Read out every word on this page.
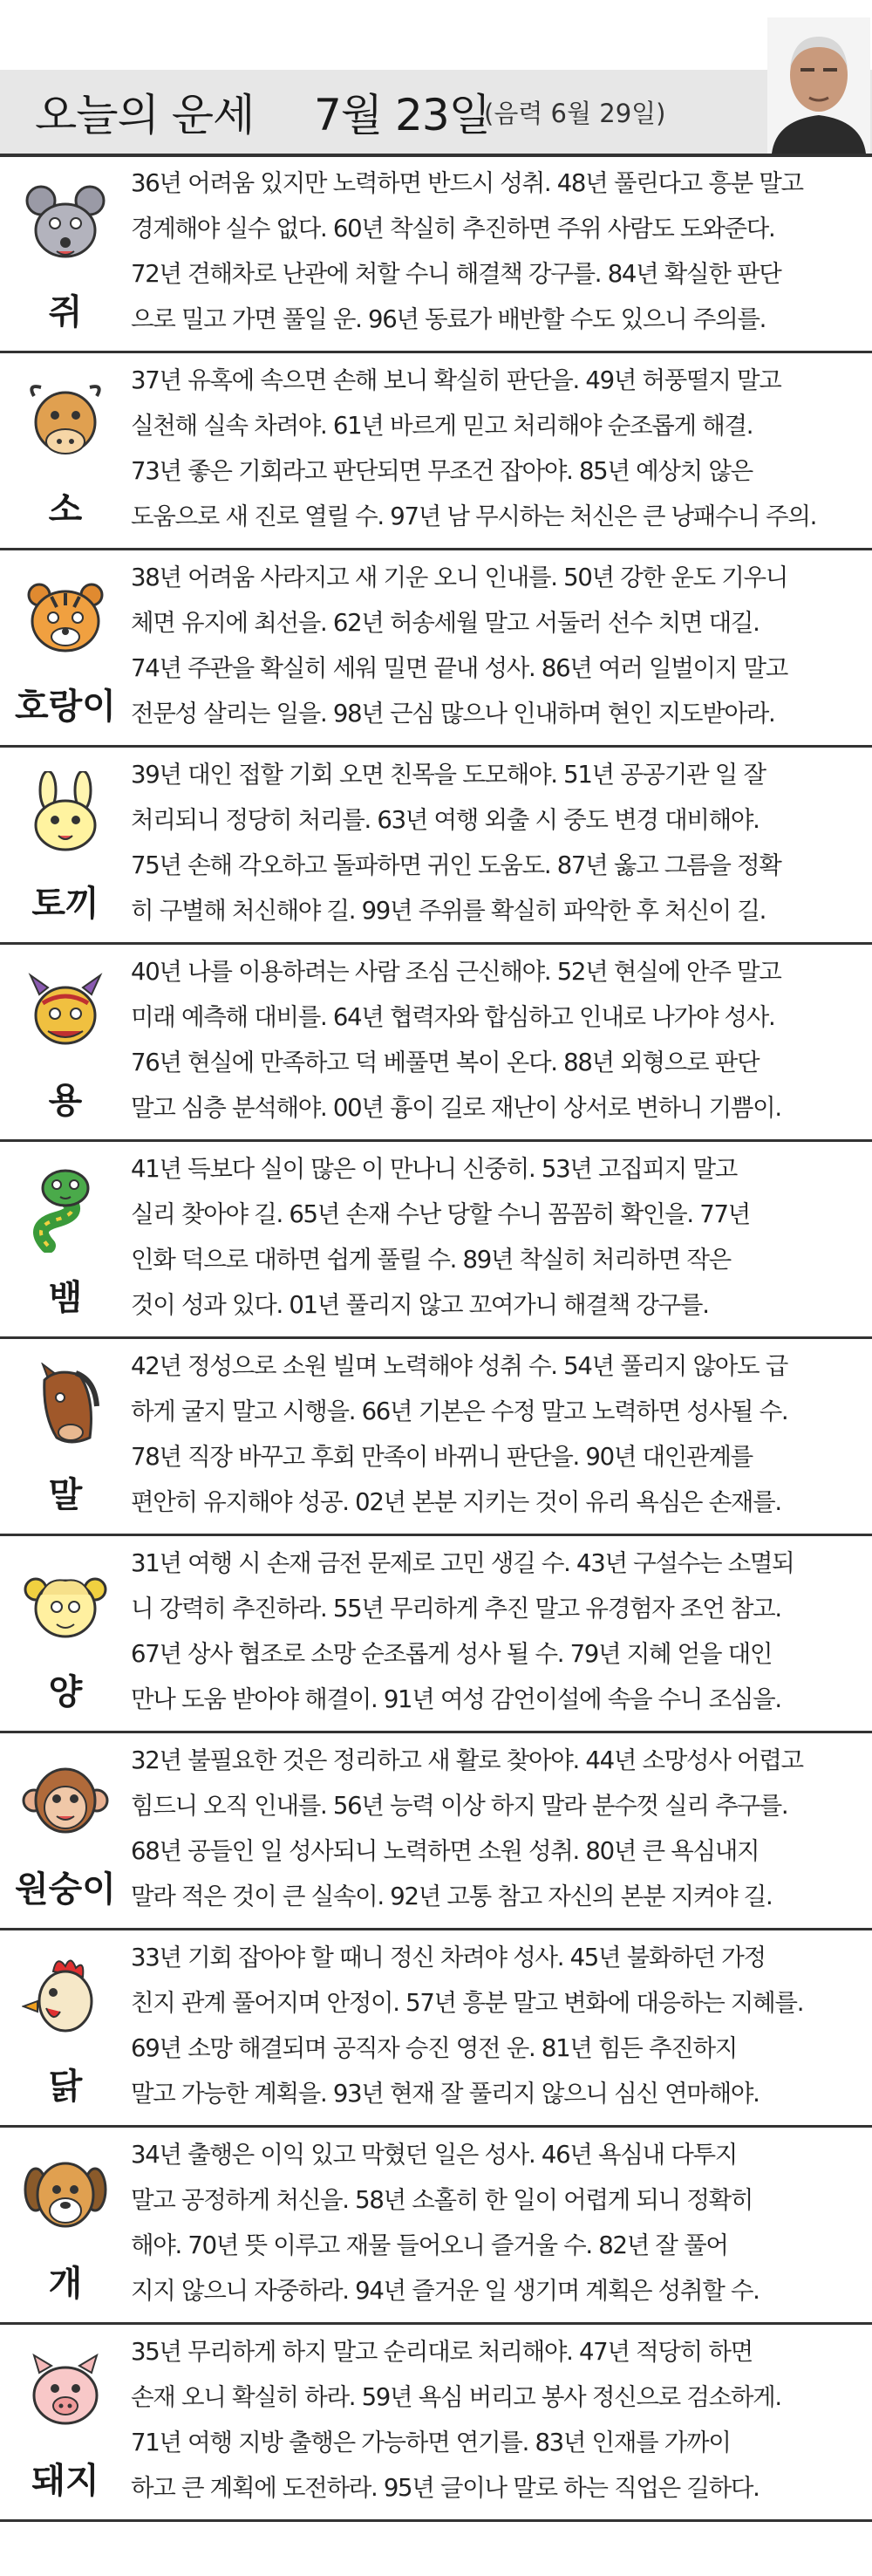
오늘의 운세 7월 23일
(음력 6월 29일)
쥐
36년 어려움 있지만 노력하면 반드시 성취. 48년 풀린다고 흥분 말고
경계해야 실수 없다. 60년 착실히 추진하면 주위 사람도 도와준다.
72년 견해차로 난관에 처할 수니 해결책 강구를. 84년 확실한 판단
으로 밀고 가면 풀일 운. 96년 동료가 배반할 수도 있으니 주의를.
소
37년 유혹에 속으면 손해 보니 확실히 판단을. 49년 허풍떨지 말고
실천해 실속 차려야. 61년 바르게 믿고 처리해야 순조롭게 해결.
73년 좋은 기회라고 판단되면 무조건 잡아야. 85년 예상치 않은
도움으로 새 진로 열릴 수. 97년 남 무시하는 처신은 큰 낭패수니 주의.
호랑이
38년 어려움 사라지고 새 기운 오니 인내를. 50년 강한 운도 기우니
체면 유지에 최선을. 62년 허송세월 말고 서둘러 선수 치면 대길.
74년 주관을 확실히 세워 밀면 끝내 성사. 86년 여러 일벌이지 말고
전문성 살리는 일을. 98년 근심 많으나 인내하며 현인 지도받아라.
토끼
39년 대인 접할 기회 오면 친목을 도모해야. 51년 공공기관 일 잘
처리되니 정당히 처리를. 63년 여행 외출 시 중도 변경 대비해야.
75년 손해 각오하고 돌파하면 귀인 도움도. 87년 옳고 그름을 정확
히 구별해 처신해야 길. 99년 주위를 확실히 파악한 후 처신이 길.
용
40년 나를 이용하려는 사람 조심 근신해야. 52년 현실에 안주 말고
미래 예측해 대비를. 64년 협력자와 합심하고 인내로 나가야 성사.
76년 현실에 만족하고 덕 베풀면 복이 온다. 88년 외형으로 판단
말고 심층 분석해야. 00년 흉이 길로 재난이 상서로 변하니 기쁨이.
뱀
41년 득보다 실이 많은 이 만나니 신중히. 53년 고집피지 말고
실리 찾아야 길. 65년 손재 수난 당할 수니 꼼꼼히 확인을. 77년
인화 덕으로 대하면 쉽게 풀릴 수. 89년 착실히 처리하면 작은
것이 성과 있다. 01년 풀리지 않고 꼬여가니 해결책 강구를.
말
42년 정성으로 소원 빌며 노력해야 성취 수. 54년 풀리지 않아도 급
하게 굴지 말고 시행을. 66년 기본은 수정 말고 노력하면 성사될 수.
78년 직장 바꾸고 후회 만족이 바뀌니 판단을. 90년 대인관계를
편안히 유지해야 성공. 02년 본분 지키는 것이 유리 욕심은 손재를.
양
31년 여행 시 손재 금전 문제로 고민 생길 수. 43년 구설수는 소멸되
니 강력히 추진하라. 55년 무리하게 추진 말고 유경험자 조언 참고.
67년 상사 협조로 소망 순조롭게 성사 될 수. 79년 지혜 얻을 대인
만나 도움 받아야 해결이. 91년 여성 감언이설에 속을 수니 조심을.
원숭이
32년 불필요한 것은 정리하고 새 활로 찾아야. 44년 소망성사 어렵고
힘드니 오직 인내를. 56년 능력 이상 하지 말라 분수껏 실리 추구를.
68년 공들인 일 성사되니 노력하면 소원 성취. 80년 큰 욕심내지
말라 적은 것이 큰 실속이. 92년 고통 참고 자신의 본분 지켜야 길.
닭
33년 기회 잡아야 할 때니 정신 차려야 성사. 45년 불화하던 가정
친지 관계 풀어지며 안정이. 57년 흥분 말고 변화에 대응하는 지혜를.
69년 소망 해결되며 공직자 승진 영전 운. 81년 힘든 추진하지
말고 가능한 계획을. 93년 현재 잘 풀리지 않으니 심신 연마해야.
개
34년 출행은 이익 있고 막혔던 일은 성사. 46년 욕심내 다투지
말고 공정하게 처신을. 58년 소홀히 한 일이 어렵게 되니 정확히
해야. 70년 뜻 이루고 재물 들어오니 즐거울 수. 82년 잘 풀어
지지 않으니 자중하라. 94년 즐거운 일 생기며 계획은 성취할 수.
돼지
35년 무리하게 하지 말고 순리대로 처리해야. 47년 적당히 하면
손재 오니 확실히 하라. 59년 욕심 버리고 봉사 정신으로 검소하게.
71년 여행 지방 출행은 가능하면 연기를. 83년 인재를 가까이
하고 큰 계획에 도전하라. 95년 글이나 말로 하는 직업은 길하다.
